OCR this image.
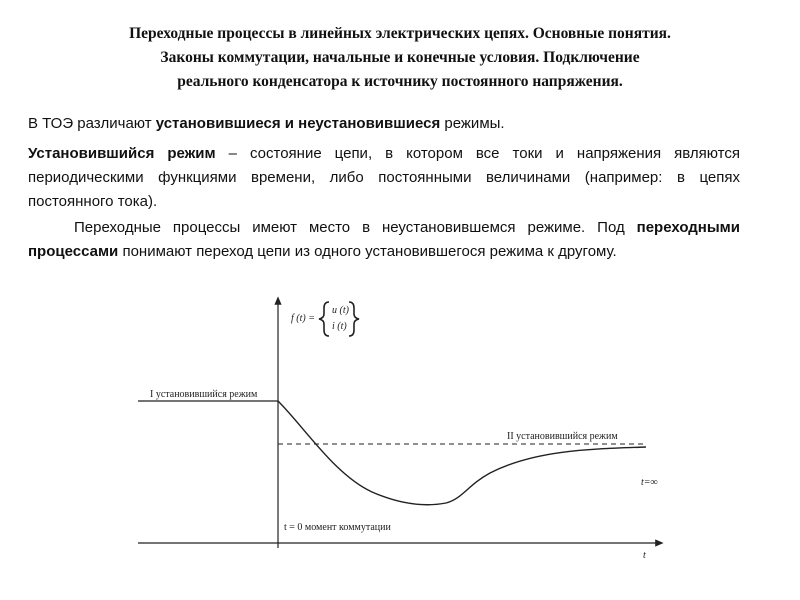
Переходные процессы в линейных электрических цепях. Основные понятия.
Законы коммутации, начальные и конечные условия. Подключение
реального конденсатора к источнику постоянного напряжения.
В ТОЭ различают установившиеся и неустановившиеся режимы.
Установившийся режим – состояние цепи, в котором все токи и напряжения являются периодическими функциями времени, либо постоянными величинами (например: в цепях постоянного тока).
Переходные процессы имеют место в неустановившемся режиме. Под переходными процессами понимают переход цепи из одного установившегося режима к другому.
f (t) =
u (t)
i (t)
I установившийся режим
II установившийся режим
t=∞
t = 0 момент коммутации
t
